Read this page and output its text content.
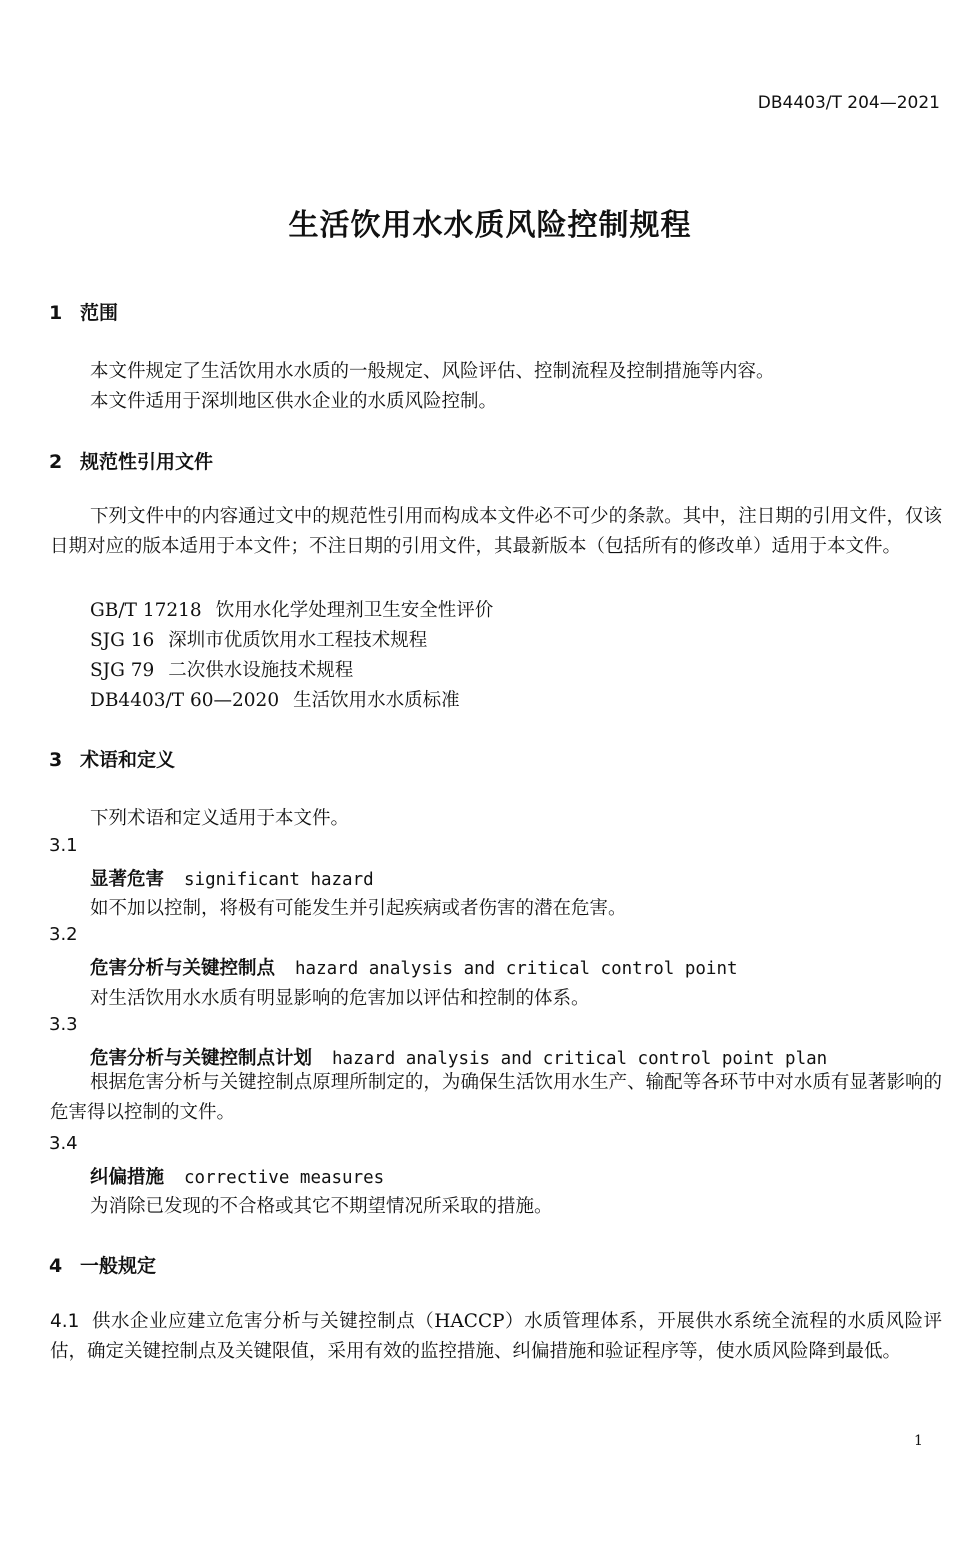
DB4403/T 204—2021
生活饮用水水质风险控制规程
1 范围
本文件规定了生活饮用水水质的一般规定、风险评估、控制流程及控制措施等内容。
本文件适用于深圳地区供水企业的水质风险控制。
2 规范性引用文件
下列文件中的内容通过文中的规范性引用而构成本文件必不可少的条款。其中，注日期的引用文件，仅该日期对应的版本适用于本文件；不注日期的引用文件，其最新版本（包括所有的修改单）适用于本文件。
GB/T 17218 饮用水化学处理剂卫生安全性评价
SJG 16 深圳市优质饮用水工程技术规程
SJG 79 二次供水设施技术规程
DB4403/T 60—2020 生活饮用水水质标准
3 术语和定义
下列术语和定义适用于本文件。
3.1
显著危害 significant hazard
如不加以控制，将极有可能发生并引起疾病或者伤害的潜在危害。
3.2
危害分析与关键控制点 hazard analysis and critical control point
对生活饮用水水质有明显影响的危害加以评估和控制的体系。
3.3
危害分析与关键控制点计划 hazard analysis and critical control point plan
根据危害分析与关键控制点原理所制定的，为确保生活饮用水生产、输配等各环节中对水质有显著影响的危害得以控制的文件。
3.4
纠偏措施 corrective measures
为消除已发现的不合格或其它不期望情况所采取的措施。
4 一般规定
4.1 供水企业应建立危害分析与关键控制点（HACCP）水质管理体系，开展供水系统全流程的水质风险评估，确定关键控制点及关键限值，采用有效的监控措施、纠偏措施和验证程序等，使水质风险降到最低。
1
